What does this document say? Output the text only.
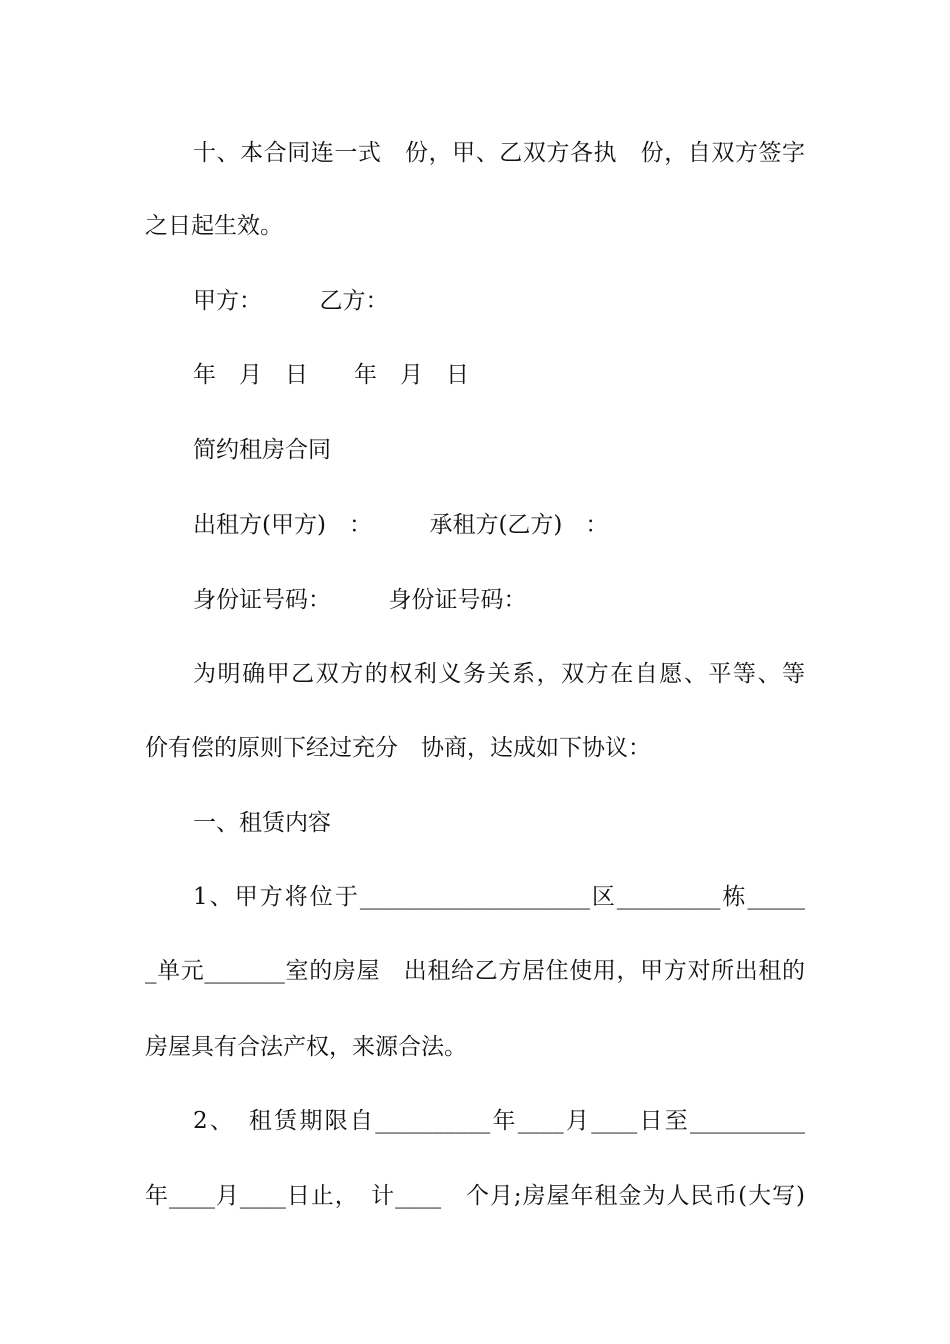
十、本合同连一式　份，甲、乙双方各执　份，自双方签字
之日起生效。
甲方：　　　乙方：
年　月　日　　年　月　日
简约租房合同
出租方(甲方)　：　　　承租方(乙方)　：
身份证号码：　　　身份证号码：
为明确甲乙双方的权利义务关系，双方在自愿、平等、等
价有偿的原则下经过充分　协商，达成如下协议：
一、租赁内容
1、甲方将位于____________________区_________栋_____
_单元_______室的房屋　出租给乙方居住使用，甲方对所出租的
房屋具有合法产权，来源合法。
2、　租赁期限自__________年____月____日至__________
年____月____日止，　计____　个月;房屋年租金为人民币(大写)
